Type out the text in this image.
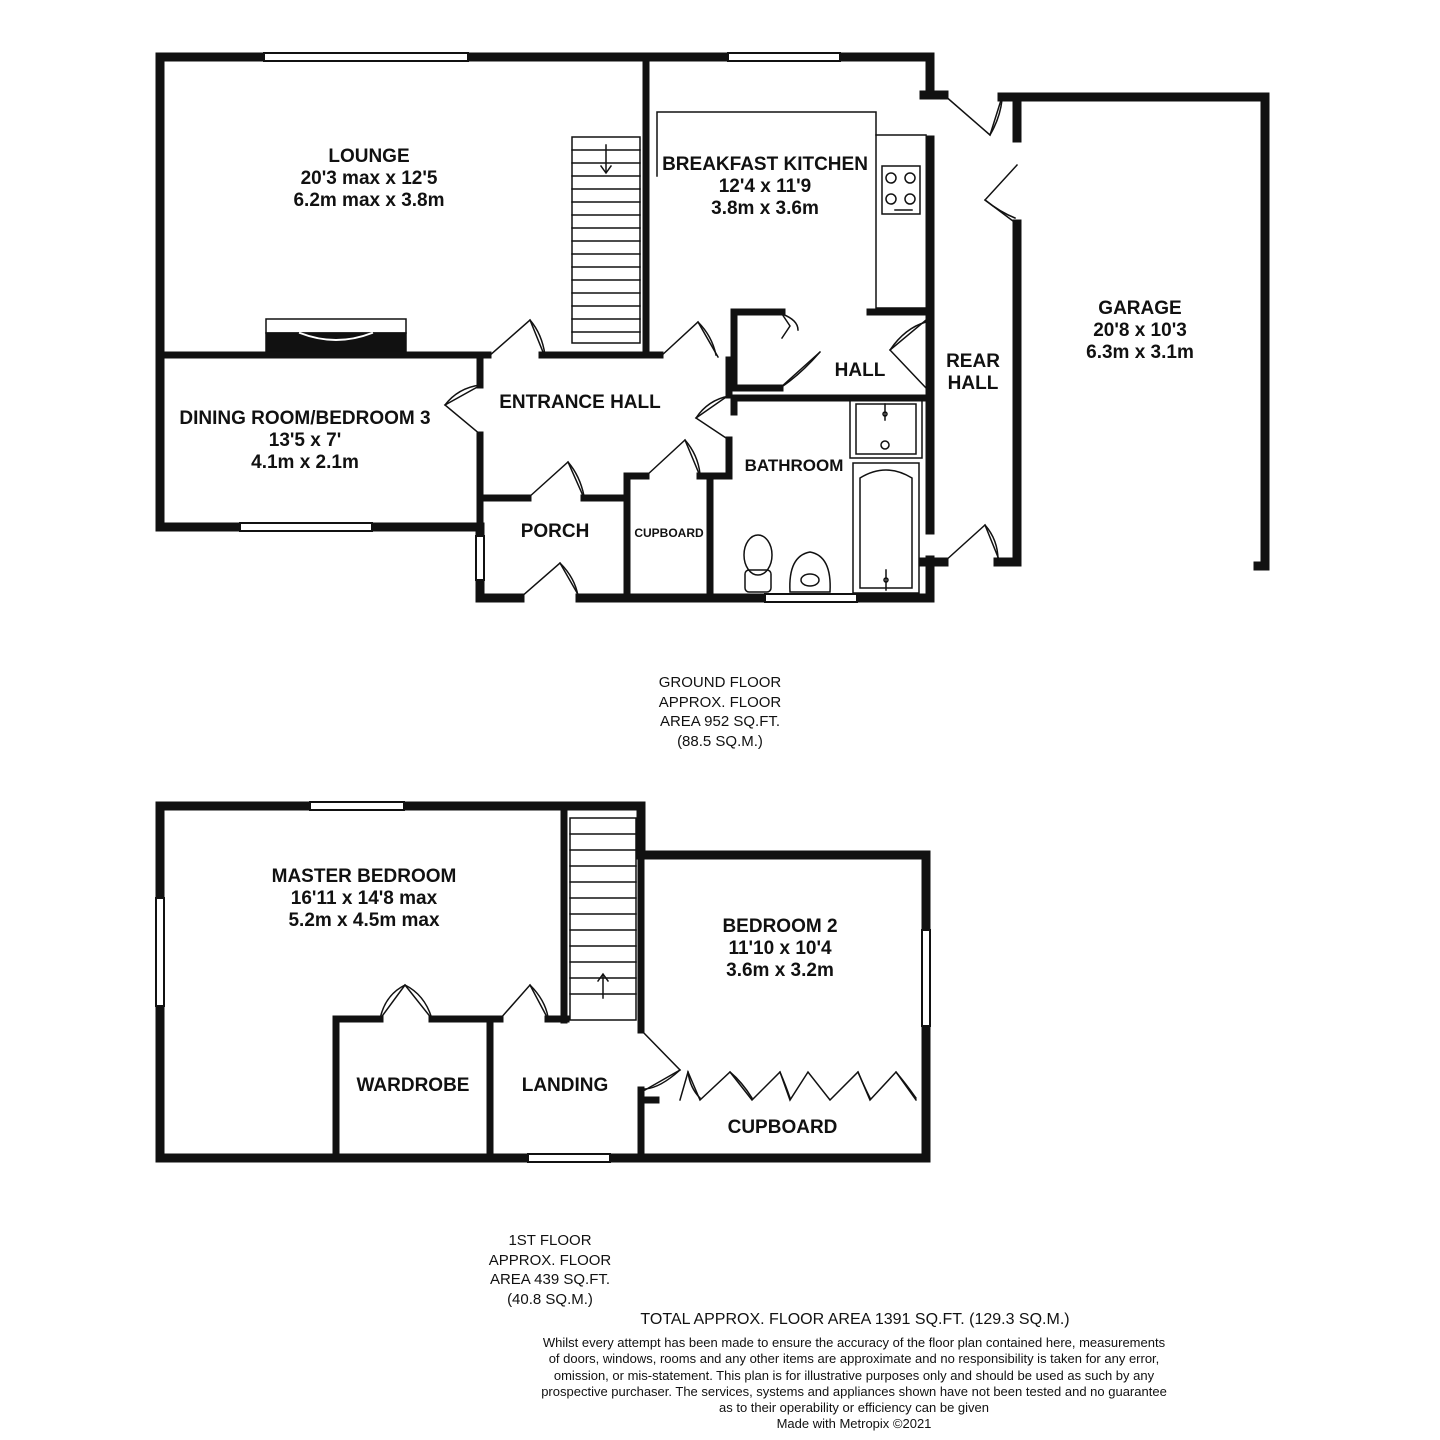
LOUNGE
20'3 max x 12'5
6.2m max x 3.8m
BREAKFAST KITCHEN
12'4 x 11'9
3.8m x 3.6m
GARAGE
20'8 x 10'3
6.3m x 3.1m
REAR
HALL
HALL
DINING ROOM/BEDROOM 3
13'5 x 7'
4.1m x 2.1m
ENTRANCE HALL
BATHROOM
PORCH	CUPBOARD
GROUND FLOOR
APPROX. FLOOR
AREA 952 SQ.FT.
(88.5 SQ.M.)
MASTER BEDROOM
16'11 x 14'8 max
5.2m x 4.5m max	BEDROOM 2
11'10 x 10'4
3.6m x 3.2m
WARDROBE	LANDING
CUPBOARD
1ST FLOOR
APPROX. FLOOR
AREA 439 SQ.FT.
(40.8 SQ.M.)
TOTAL APPROX. FLOOR AREA 1391 SQ.FT. (129.3 SQ.M.)
Whilst every attempt has been made to ensure the accuracy of the floor plan contained here, measurements
of doors, windows, rooms and any other items are approximate and no responsibility is taken for any error,
omission, or mis-statement. This plan is for illustrative purposes only and should be used as such by any
prospective purchaser. The services, systems and appliances shown have not been tested and no guarantee
as to their operability or efficiency can be given
Made with Metropix ©2021
